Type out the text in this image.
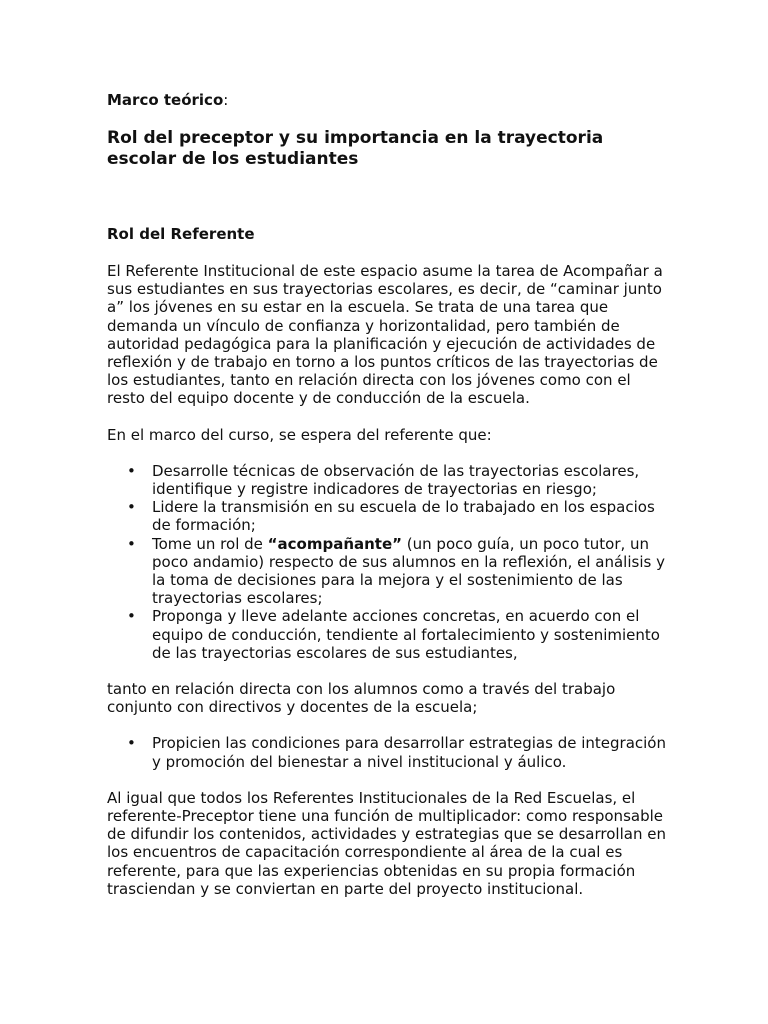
Marco teórico:

Rol del preceptor y su importancia en la trayectoria escolar de los estudiantes
Rol del Referente

El Referente Institucional de este espacio asume la tarea de Acompañar a sus estudiantes en sus trayectorias escolares, es decir, de “caminar junto a” los jóvenes en su estar en la escuela. Se trata de una tarea que demanda un vínculo de confianza y horizontalidad, pero también de autoridad pedagógica para la planificación y ejecución de actividades de reflexión y de trabajo en torno a los puntos críticos de las trayectorias de los estudiantes, tanto en relación directa con los jóvenes como con el resto del equipo docente y de conducción de la escuela.

En el marco del curso, se espera del referente que:

• Desarrolle técnicas de observación de las trayectorias escolares, identifique y registre indicadores de trayectorias en riesgo;
• Lidere la transmisión en su escuela de lo trabajado en los espacios de formación;
• Tome un rol de “acompañante” (un poco guía, un poco tutor, un poco andamio) respecto de sus alumnos en la reflexión, el análisis y la toma de decisiones para la mejora y el sostenimiento de las trayectorias escolares;
• Proponga y lleve adelante acciones concretas, en acuerdo con el equipo de conducción, tendiente al fortalecimiento y sostenimiento de las trayectorias escolares de sus estudiantes,

tanto en relación directa con los alumnos como a través del trabajo conjunto con directivos y docentes de la escuela;

• Propicien las condiciones para desarrollar estrategias de integración y promoción del bienestar a nivel institucional y áulico.

Al igual que todos los Referentes Institucionales de la Red Escuelas, el referente-Preceptor tiene una función de multiplicador: como responsable de difundir los contenidos, actividades y estrategias que se desarrollan en los encuentros de capacitación correspondiente al área de la cual es referente, para que las experiencias obtenidas en su propia formación trasciendan y se conviertan en parte del proyecto institucional.
